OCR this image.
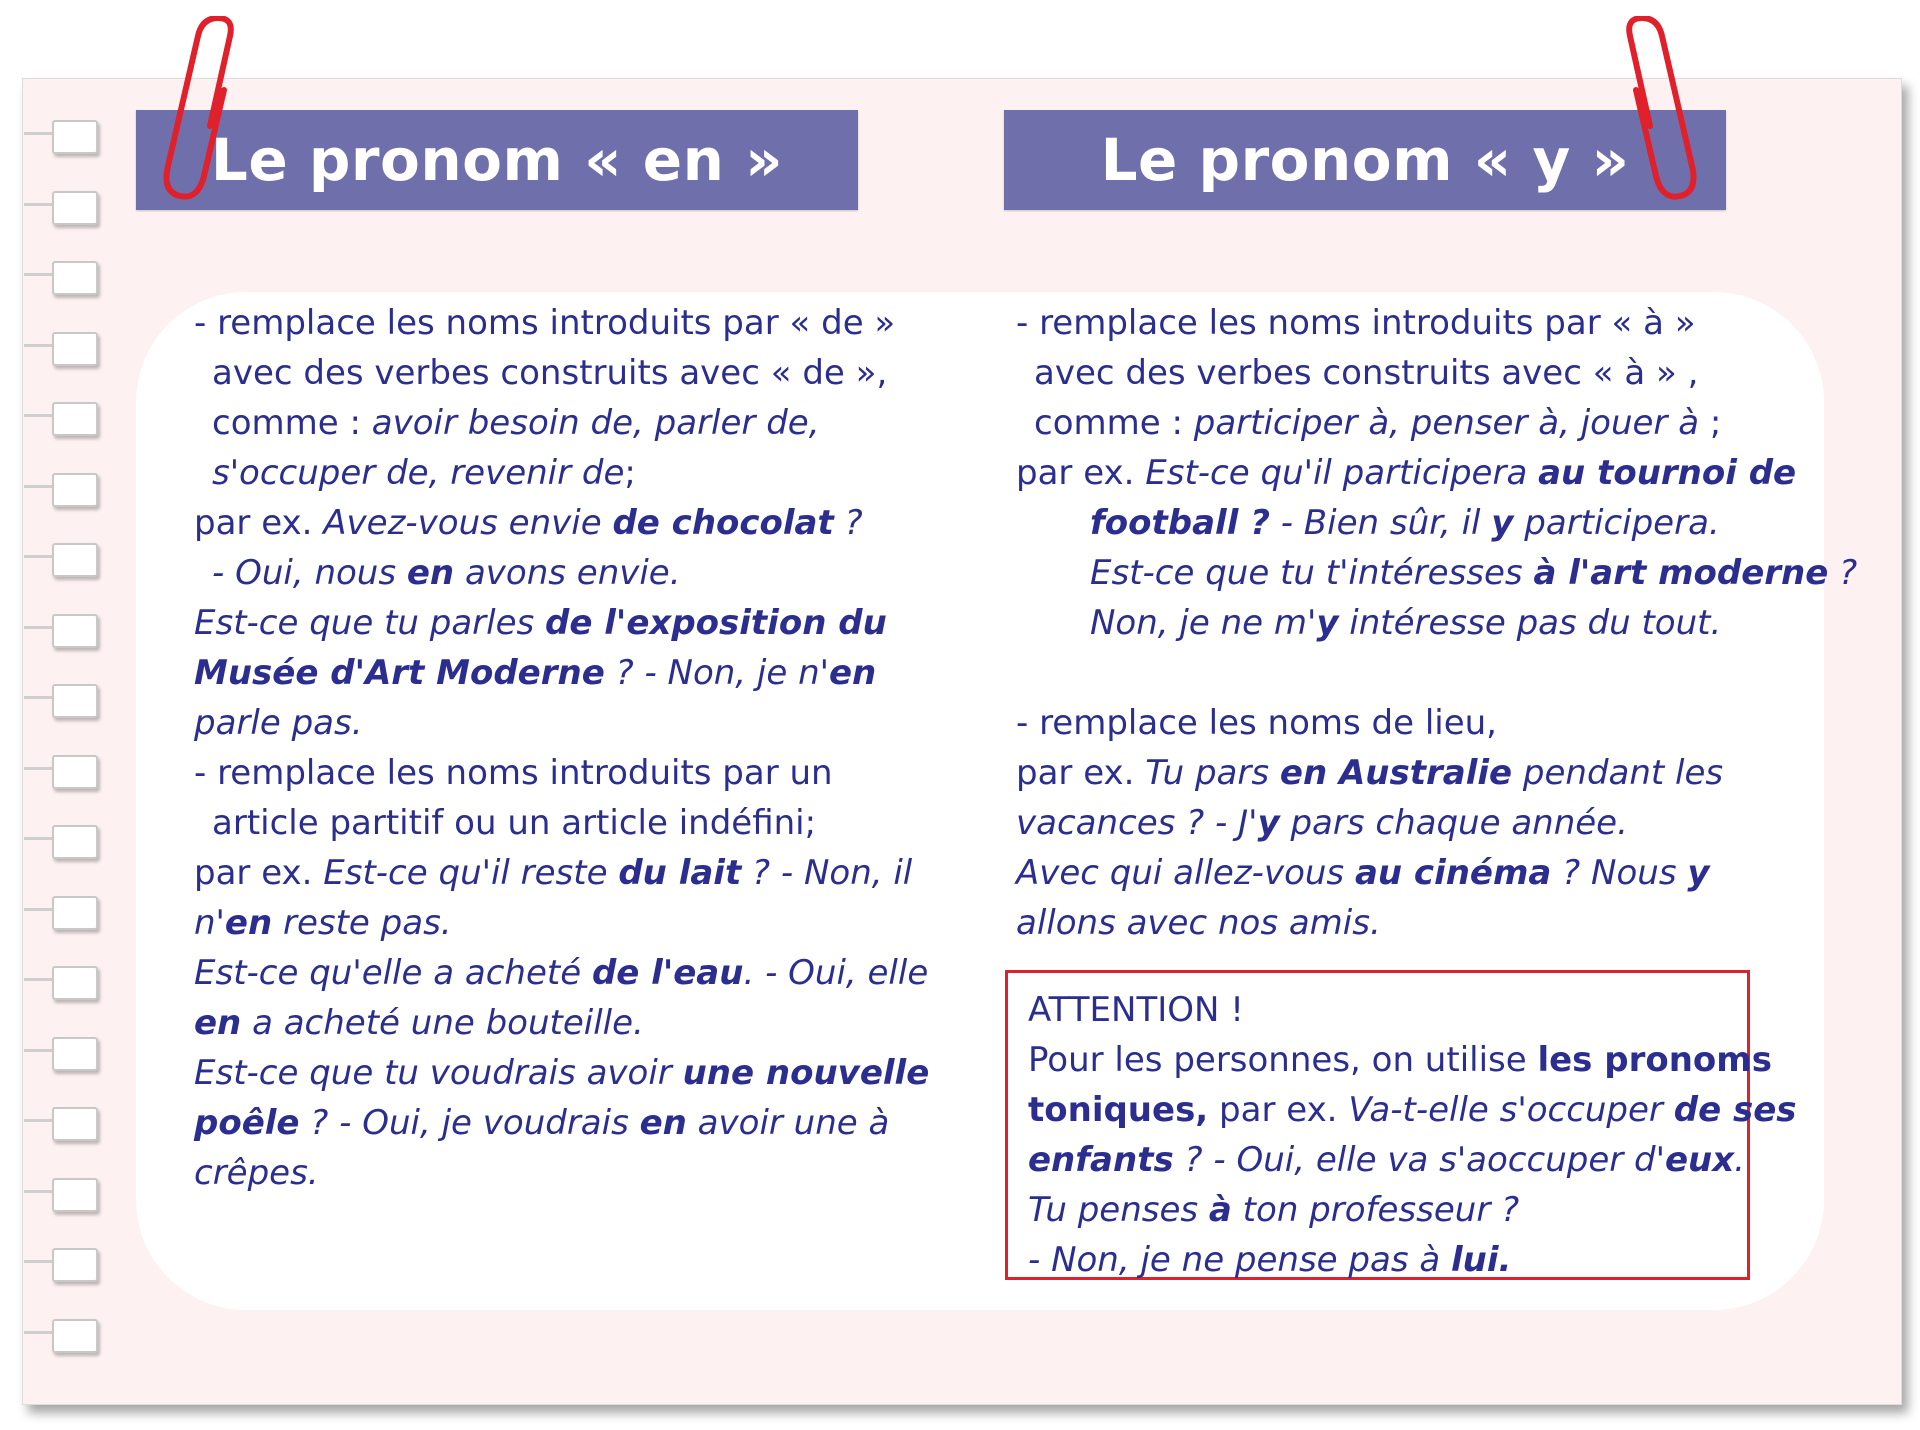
Le pronom « en »	Le pronom « y »
- remplace les noms introduits par « de »
avec des verbes construits avec « de »,
comme : avoir besoin de, parler de,
s'occuper de, revenir de;
par ex. Avez-vous envie de chocolat ?
- Oui, nous en avons envie.
Est-ce que tu parles de l'exposition du
Musée d'Art Moderne ? - Non, je n'en
parle pas.
- remplace les noms introduits par un
article partitif ou un article indéfini;
par ex. Est-ce qu'il reste du lait ? - Non, il
n'en reste pas.
Est-ce qu'elle a acheté de l'eau. - Oui, elle
en a acheté une bouteille.
Est-ce que tu voudrais avoir une nouvelle
poêle ? - Oui, je voudrais en avoir une à
crêpes.
- remplace les noms introduits par « à »
avec des verbes construits avec « à » ,
comme : participer à, penser à, jouer à ;
par ex. Est-ce qu'il participera au tournoi de
football ? - Bien sûr, il y participera.
Est-ce que tu t'intéresses à l'art moderne ?
Non, je ne m'y intéresse pas du tout.

- remplace les noms de lieu,
par ex. Tu pars en Australie pendant les
vacances ? - J'y pars chaque année.
Avec qui allez-vous au cinéma ? Nous y
allons avec nos amis.
ATTENTION !
Pour les personnes, on utilise les pronoms
toniques, par ex. Va-t-elle s'occuper de ses
enfants ? - Oui, elle va s'aoccuper d'eux.
Tu penses à ton professeur ?
- Non, je ne pense pas à lui.
